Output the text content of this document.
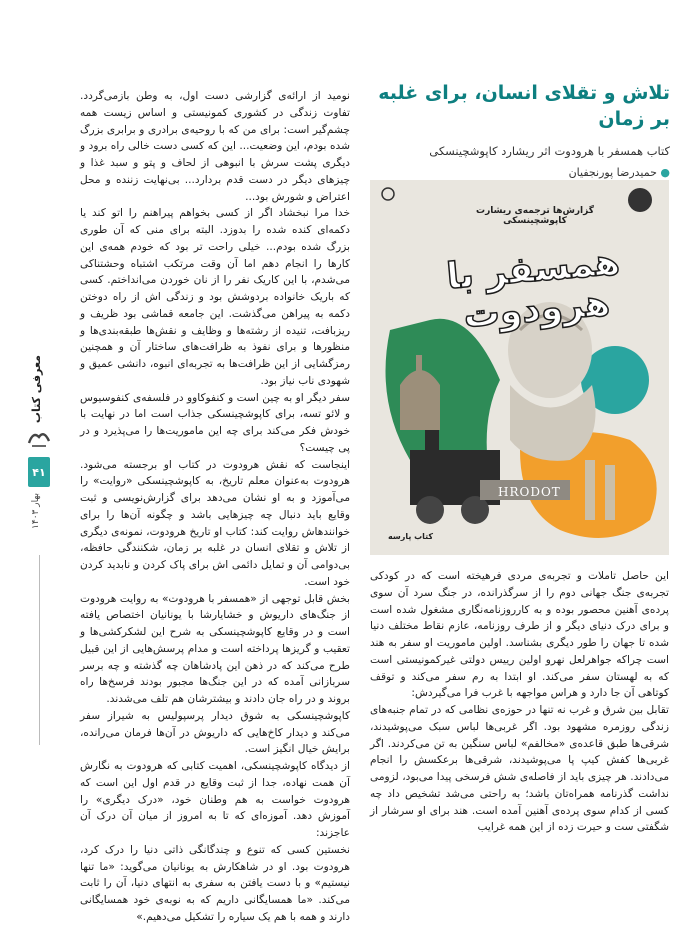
معرفی کتاب
۴۱
بهار ۱۴۰۳
تلاش و تقلای انسان، برای غلبه بر زمان
کتاب همسفر با هرودوت اثر ریشارد کاپوشچینسکی
● حمیدرضا پورنجفیان
گزارش‌ها ترجمه‌ی ریشارت کاپوشچینسکی
همسفر با هرودوت
HRODOT
کتاب پارسه

نومید از ارائه‌ی گزارشی دست اول، به وطن بازمی‌گردد. تفاوت زندگی در کشوری کمونیستی و اساس زیست همه چشم‌گیر است: برای من که با روحیه‌ی برادری و برابری بزرگ شده بودم، این وضعیت... این که کسی دست خالی راه برود و دیگری پشت سرش با انبوهی از لحاف و پتو و سبد غذا و چیزهای دیگر در دست قدم بردارد... بی‌نهایت زننده و محل اعتراض و شورش بود...

خدا مرا نبخشاد اگر از کسی بخواهم پیراهنم را اتو کند یا دکمه‌ای کنده شده را بدوزد. البته برای منی که آن طوری بزرگ شده بودم... خیلی راحت تر بود که خودم همه‌ی این کارها را انجام دهم اما آن وقت مرتکب اشتباه وحشتناکی می‌شدم، با این کاریک نفر را از نان خوردن می‌انداختم. کسی که باریک خانواده بردوشش بود و زندگی اش از راه دوختن دکمه به پیراهن می‌گذشت. این جامعه قماشی بود ظریف و ریزبافت، تنیده از رشته‌ها و وظایف و نقش‌ها طبقه‌بندی‌ها و منظورها و برای نفوذ به ظرافت‌های ساختار آن و همچنین رمزگشایی از این ظرافت‌ها به تجربه‌ای انبوه، دانشی عمیق و شهودی ناب نیاز بود.

سفر دیگر او به چین است و کنفوکاوو در فلسفه‌ی کنفوسیوس و لائو تسه، برای کاپوشچینسکی جذاب است اما در نهایت با خودش فکر می‌کند برای چه این ماموریت‌ها را می‌پذیرد و در پی چیست؟

اینجاست که نقش هرودوت در کتاب او برجسته می‌شود. هرودوت به‌عنوان معلم تاریخ، به کاپوشچینسکی «روایت» را می‌آموزد و به او نشان می‌دهد برای گزارش‌نویسی و ثبت وقایع باید دنبال چه چیزهایی باشد و چگونه آن‌ها را برای خوانندهاش روایت کند: کتاب او تاریخ هرودوت، نمونه‌ی دیگری از تلاش و تقلای انسان در غلبه بر زمان، شکنندگی حافظه، بی‌دوامی آن و تمایل دائمی اش برای پاک کردن و نابدید کردن خود است.

بخش قابل توجهی از «همسفر با هرودوت» به روایت هرودوت از جنگ‌های داریوش و خشایارشا با یونانیان اختصاص یافته است و در وقایع کاپوشچینسکی به شرح این لشکرکشی‌ها و تعقیب و گریزها پرداخته است و مدام پرسش‌هایی از این قبیل طرح می‌کند که در ذهن این پادشاهان چه گذشته و چه برسر سربازانی آمده که در این جنگ‌ها مجبور بودند فرسخ‌ها راه بروند و در راه جان دادند و بیشترشان هم تلف می‌شدند.

کاپوشچینسکی به شوق دیدار پرسپولیس به شیراز سفر می‌کند و دیدار کاخ‌هایی که داریوش در آن‌ها فرمان می‌رانده، برایش خیال انگیز است.

از دیدگاه کاپوشچینسکی، اهمیت کتابی که هرودوت به نگارش آن همت نهاده، جدا از ثبت وقایع در قدم اول این است که هرودوت خواست به هم وطنان خود، «درک دیگری» را آموزش دهد. آموزه‌ای که تا به امروز از میان آن درک آن عاجزند:

نخستین کسی که تنوع و چندگانگی ذاتی دنیا را درک کرد، هرودوت بود. او در شاهکارش به یونانیان می‌گوید: «ما تنها نیستیم» و با دست یافتن به سفری به انتهای دنیا، آن را ثابت می‌کند. «ما همسایگانی داریم که به نوبه‌ی خود همسایگانی دارند و همه با هم یک سیاره را تشکیل می‌دهیم.»

این حاصل تاملات و تجربه‌ی مردی فرهیخته است که در کودکی تجربه‌ی جنگ جهانی دوم را از سرگذرانده، در جنگ سرد آن سوی پرده‌ی آهنین محصور بوده و به کارروزنامه‌نگاری مشغول شده است و برای درک دنیای دیگر و از طرف روزنامه، عازم نقاط مختلف دنیا شده تا جهان را طور دیگری بشناسد. اولین ماموریت او سفر به هند است چراکه جواهرلعل نهرو اولین رییس دولتی غیرکمونیستی است که به لهستان سفر می‌کند. او ابتدا به رم سفر می‌کند و توقف کوتاهی آن جا دارد و هراس مواجهه با غرب فرا می‌گیردش:

تقابل بین شرق و غرب نه تنها در حوزه‌ی نظامی که در تمام جنبه‌های زندگی روزمره مشهود بود. اگر غربی‌ها لباس سبک می‌پوشیدند، شرقی‌ها طبق قاعده‌ی «مخالفم» لباس سنگین به تن می‌کردند. اگر غربی‌ها کفش کیپ پا می‌پوشیدند، شرقی‌ها برعکسش را انجام می‌دادند. هر چیزی باید از فاصله‌ی شش فرسخی پیدا می‌بود، لزومی نداشت گذرنامه همراه‌تان باشد؛ به راحتی می‌شد تشخیص داد چه کسی از کدام سوی پرده‌ی آهنین آمده است. هند برای او سرشار از شگفتی ست و حیرت زده از این همه غرایب
